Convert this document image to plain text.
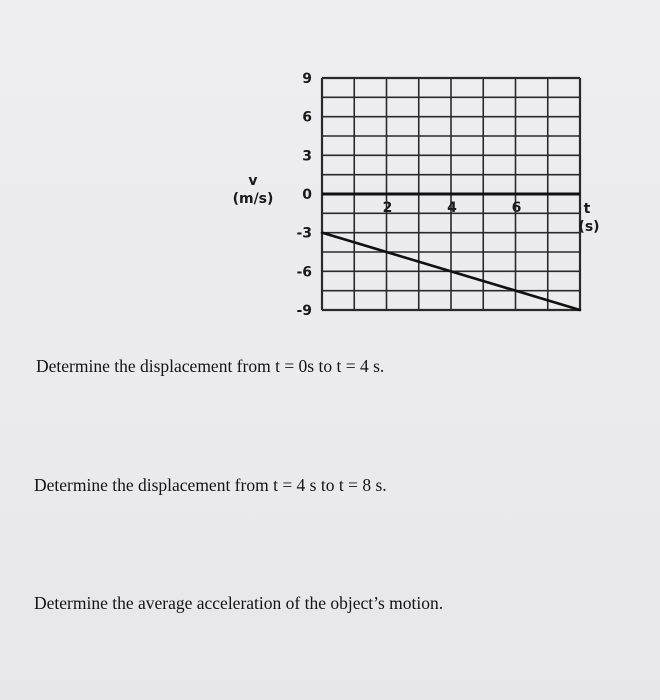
9
6
3
0
-3
-6
-9
2	4	6
v
(m/s)
t
(s)

Determine the displacement from t = 0s to t = 4 s.

Determine the displacement from t = 4 s to t = 8 s.

Determine the average acceleration of the object’s motion.
